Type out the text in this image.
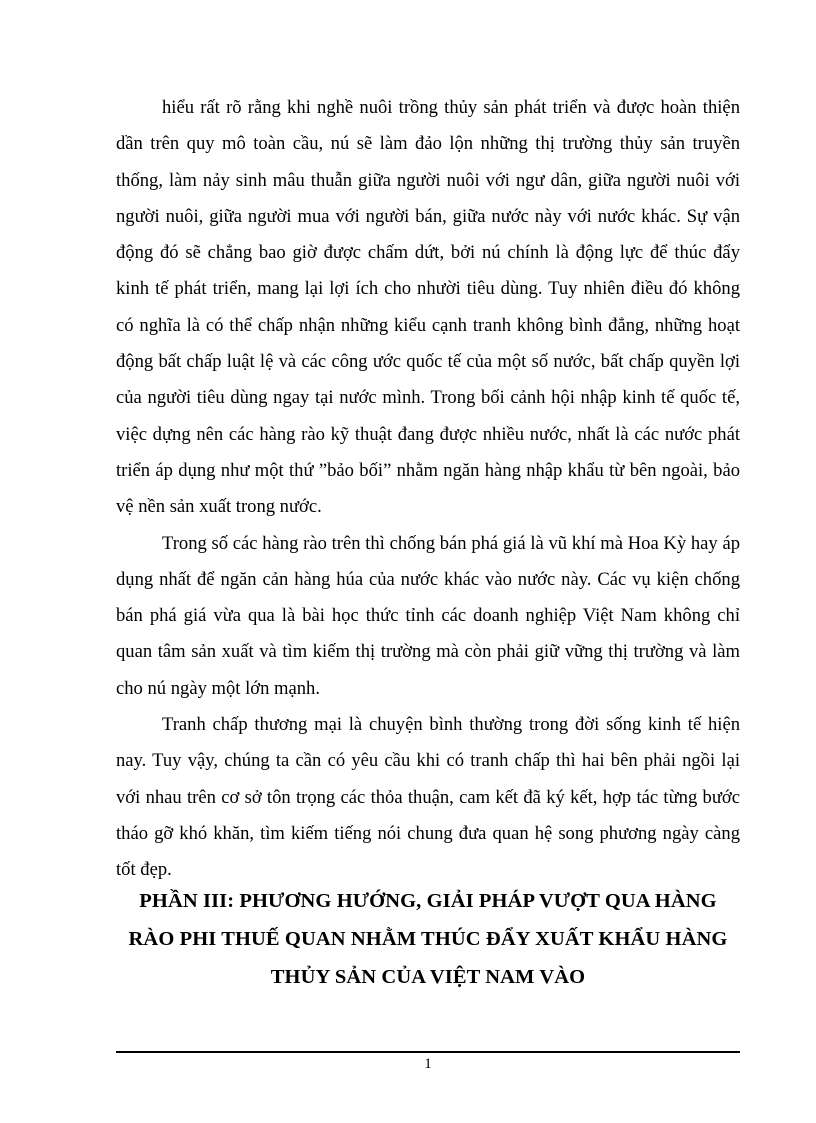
hiểu rất rõ rằng khi nghề nuôi trồng thủy sản phát triển và được hoàn thiện dần trên quy mô toàn cầu, nú sẽ làm đảo lộn những thị trường thủy sản truyền thống, làm nảy sinh mâu thuẫn giữa người nuôi với ngư dân, giữa người nuôi với người nuôi, giữa người mua với người bán, giữa nước này với nước khác. Sự vận động đó sẽ chẳng bao giờ được chấm dứt, bởi nú chính là động lực để thúc đẩy kinh tế phát triển, mang lại lợi ích cho nhười tiêu dùng. Tuy nhiên điều đó không có nghĩa là có thể chấp nhận những kiểu cạnh tranh không bình đẳng, những hoạt động bất chấp luật lệ và các công ước quốc tế của một số nước, bất chấp quyền lợi của người tiêu dùng ngay tại nước mình. Trong bối cảnh hội nhập kinh tế quốc tế, việc dựng nên các hàng rào kỹ thuật đang được nhiều nước, nhất là các nước phát triển áp dụng như một thứ ”bảo bối” nhằm ngăn hàng nhập khẩu từ bên ngoài, bảo vệ nền sản xuất trong nước.

Trong số các hàng rào trên thì chống bán phá giá là vũ khí mà Hoa Kỳ hay áp dụng nhất để ngăn cản hàng húa của nước khác vào nước này. Các vụ kiện chống bán phá giá vừa qua là bài học thức tỉnh các doanh nghiệp Việt Nam không chỉ quan tâm sản xuất và tìm kiếm thị trường mà còn phải giữ vững thị trường và làm cho nú ngày một lớn mạnh.

Tranh chấp thương mại là chuyện bình thường trong đời sống kinh tế hiện nay. Tuy vậy, chúng ta cần có yêu cầu khi có tranh chấp thì hai bên phải ngồi lại với nhau trên cơ sở tôn trọng các thỏa thuận, cam kết đã ký kết, hợp tác từng bước tháo gỡ khó khăn, tìm kiếm tiếng nói chung đưa quan hệ song phương ngày càng tốt đẹp.

PHẦN III: PHƯƠNG HƯỚNG, GIẢI PHÁP VƯỢT QUA HÀNG RÀO PHI THUẾ QUAN NHẰM THÚC ĐẨY XUẤT KHẨU HÀNG THỦY SẢN CỦA VIỆT NAM VÀO
1
